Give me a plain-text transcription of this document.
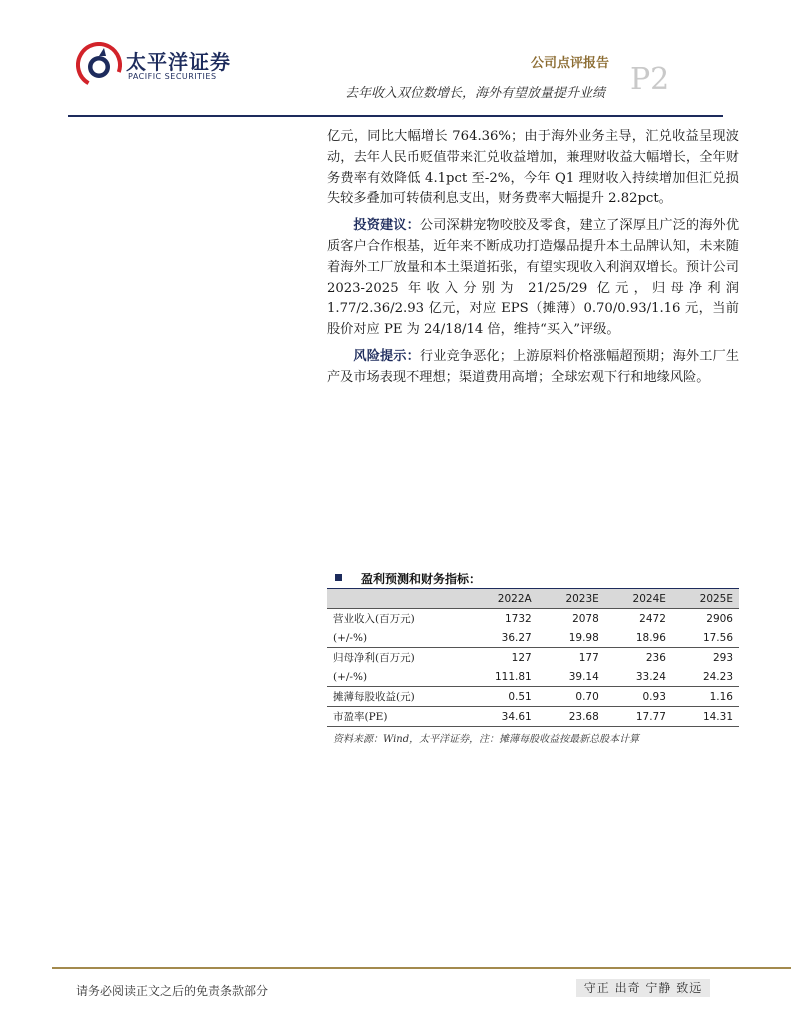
太平洋证券
PACIFIC SECURITIES
公司点评报告 P2
去年收入双位数增长，海外有望放量提升业绩

亿元，同比大幅增长 764.36%；由于海外业务主导，汇兑收益呈现波动，去年人民币贬值带来汇兑收益增加，兼理财收益大幅增长，全年财务费率有效降低 4.1pct 至-2%，今年 Q1 理财收入持续增加但汇兑损失较多叠加可转债利息支出，财务费率大幅提升 2.82pct。

投资建议：公司深耕宠物咬胶及零食，建立了深厚且广泛的海外优质客户合作根基，近年来不断成功打造爆品提升本土品牌认知，未来随着海外工厂放量和本土渠道拓张，有望实现收入利润双增长。预计公司 2023-2025 年收入分别为 21/25/29 亿元，归母净利润 1.77/2.36/2.93 亿元，对应 EPS（摊薄）0.70/0.93/1.16 元，当前股价对应 PE 为 24/18/14 倍，维持“买入”评级。

风险提示：行业竞争恶化；上游原料价格涨幅超预期；海外工厂生产及市场表现不理想；渠道费用高增；全球宏观下行和地缘风险。

盈利预测和财务指标：
	2022A	2023E	2024E	2025E
营业收入(百万元)	1732	2078	2472	2906
(+/-%)	36.27	19.98	18.96	17.56
归母净利(百万元)	127	177	236	293
(+/-%)	111.81	39.14	33.24	24.23
摊薄每股收益(元)	0.51	0.70	0.93	1.16
市盈率(PE)	34.61	23.68	17.77	14.31
资料来源：Wind，太平洋证券，注：摊薄每股收益按最新总股本计算
请务必阅读正文之后的免责条款部分	守正 出奇 宁静 致远
